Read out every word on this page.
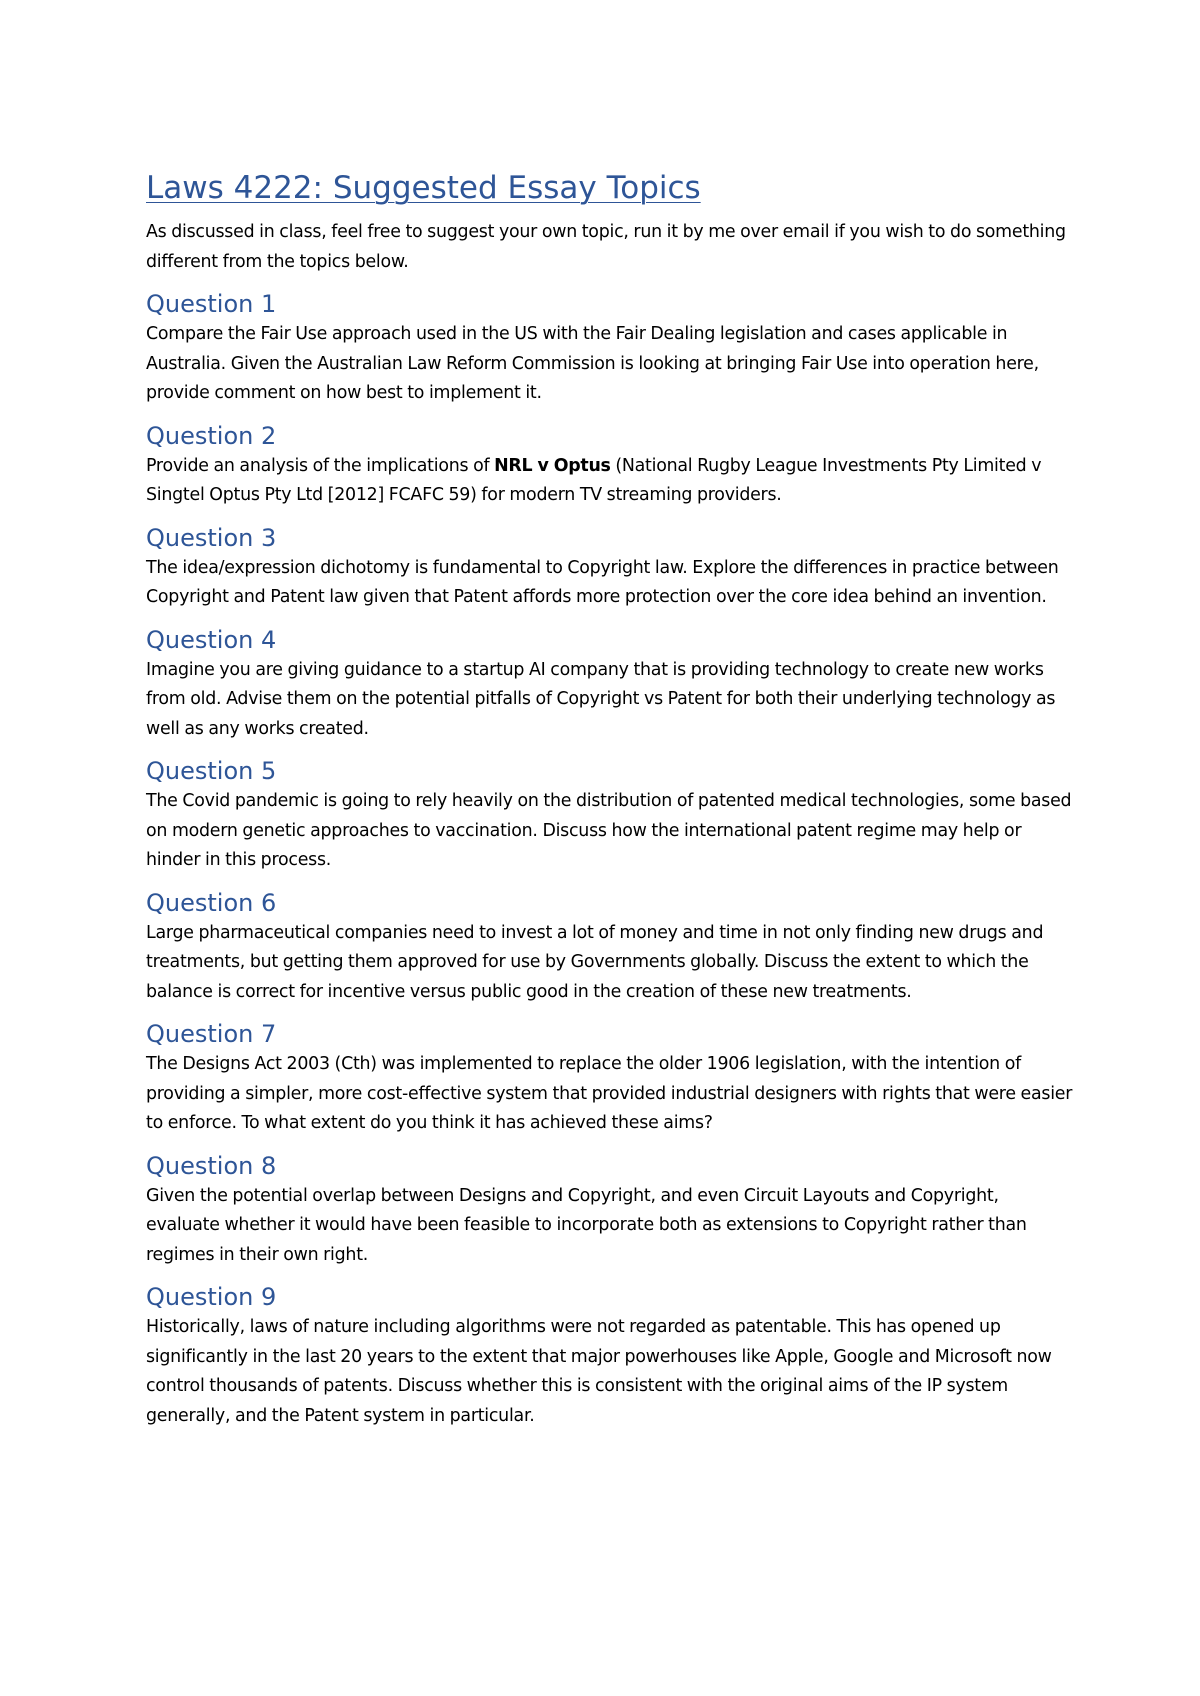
Laws 4222: Suggested Essay Topics

As discussed in class, feel free to suggest your own topic, run it by me over email if you wish to do something different from the topics below.

Question 1

Compare the Fair Use approach used in the US with the Fair Dealing legislation and cases applicable in Australia. Given the Australian Law Reform Commission is looking at bringing Fair Use into operation here, provide comment on how best to implement it.

Question 2

Provide an analysis of the implications of NRL v Optus (National Rugby League Investments Pty Limited v Singtel Optus Pty Ltd [2012] FCAFC 59) for modern TV streaming providers.

Question 3

The idea/expression dichotomy is fundamental to Copyright law. Explore the differences in practice between Copyright and Patent law given that Patent affords more protection over the core idea behind an invention.

Question 4

Imagine you are giving guidance to a startup AI company that is providing technology to create new works from old. Advise them on the potential pitfalls of Copyright vs Patent for both their underlying technology as well as any works created.

Question 5

The Covid pandemic is going to rely heavily on the distribution of patented medical technologies, some based on modern genetic approaches to vaccination. Discuss how the international patent regime may help or hinder in this process.

Question 6

Large pharmaceutical companies need to invest a lot of money and time in not only finding new drugs and treatments, but getting them approved for use by Governments globally. Discuss the extent to which the balance is correct for incentive versus public good in the creation of these new treatments.

Question 7

The Designs Act 2003 (Cth) was implemented to replace the older 1906 legislation, with the intention of providing a simpler, more cost-effective system that provided industrial designers with rights that were easier to enforce. To what extent do you think it has achieved these aims?

Question 8

Given the potential overlap between Designs and Copyright, and even Circuit Layouts and Copyright, evaluate whether it would have been feasible to incorporate both as extensions to Copyright rather than regimes in their own right.

Question 9

Historically, laws of nature including algorithms were not regarded as patentable. This has opened up significantly in the last 20 years to the extent that major powerhouses like Apple, Google and Microsoft now control thousands of patents. Discuss whether this is consistent with the original aims of the IP system generally, and the Patent system in particular.
